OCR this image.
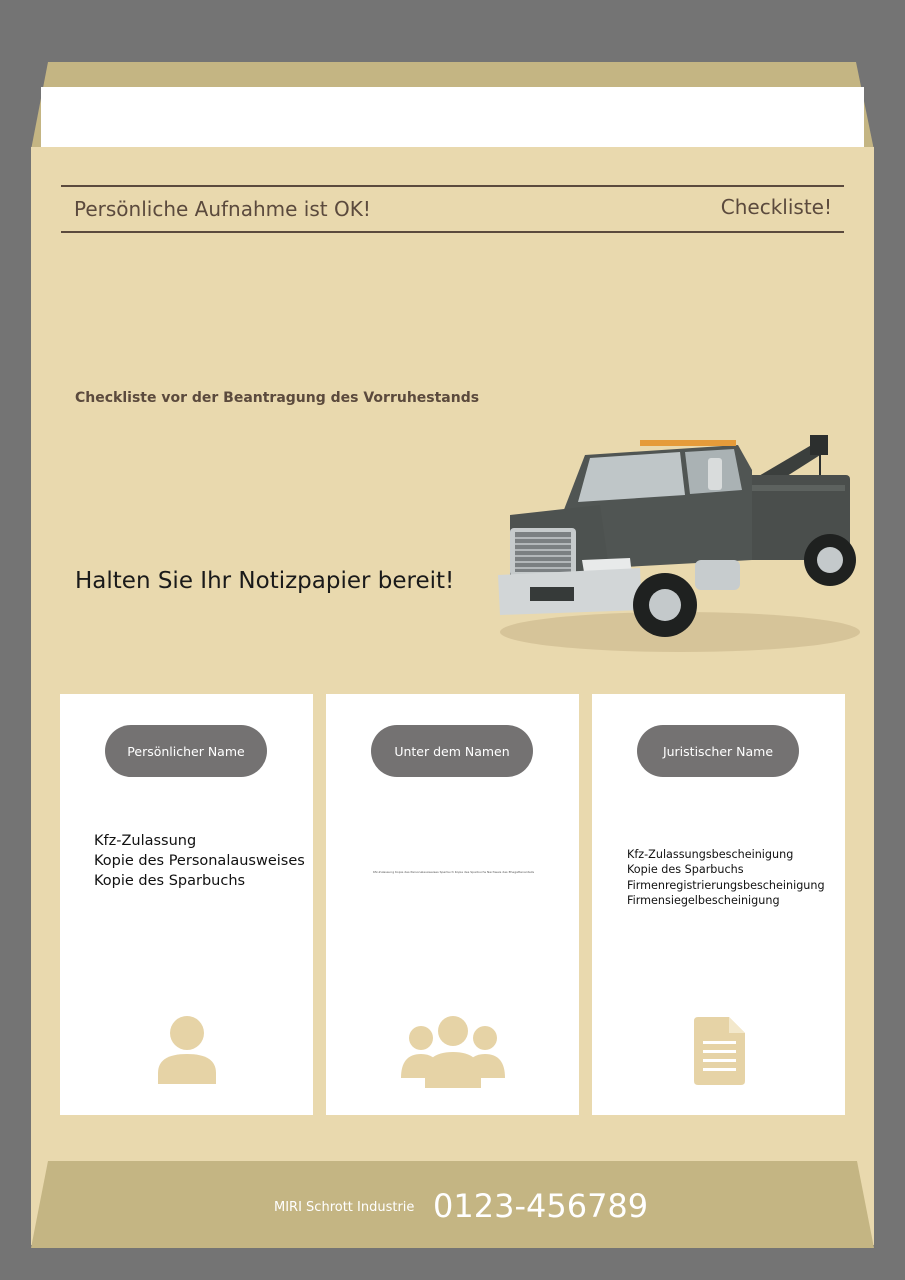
Persönliche Aufnahme ist OK!	Checkliste!
Checkliste vor der Beantragung des Vorruhestands
Halten Sie Ihr Notizpapier bereit!
Persönlicher Name
Kfz-Zulassung
Kopie des Personalausweises
Kopie des Sparbuchs
Unter dem Namen
Kfz-Zulassung Kopie des Personalausweises Sparbuch Kopie des Sparbuchs Nachweis des Ehegattenanteils
Juristischer Name
Kfz-Zulassungsbescheinigung
Kopie des Sparbuchs
Firmenregistrierungsbescheinigung
Firmensiegelbescheinigung
MIRI Schrott Industrie 0123-456789
